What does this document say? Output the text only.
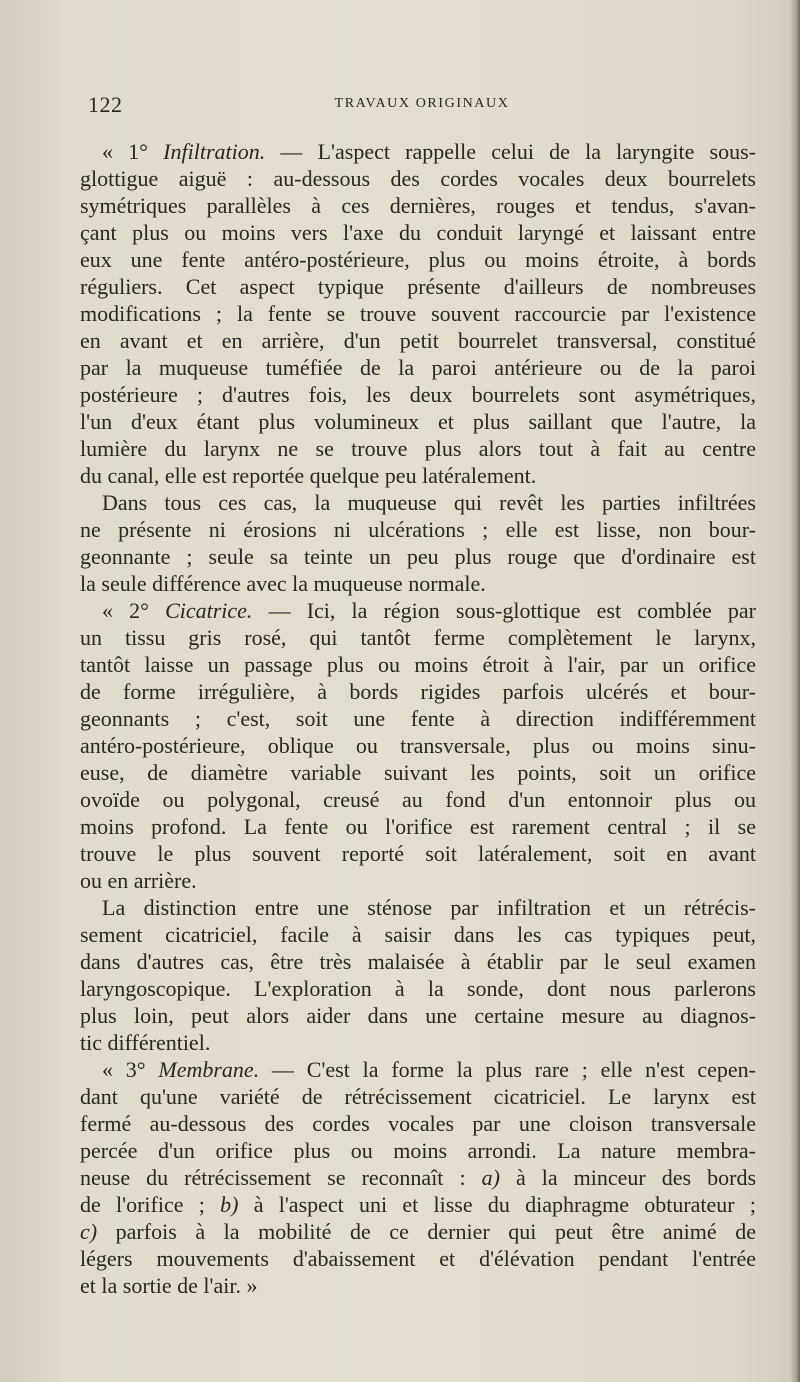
122	TRAVAUX ORIGINAUX
« 1° Infiltration. — L'aspect rappelle celui de la laryngite sous-
glottigue aiguë : au-dessous des cordes vocales deux bourrelets
symétriques parallèles à ces dernières, rouges et tendus, s'avan-
çant plus ou moins vers l'axe du conduit laryngé et laissant entre
eux une fente antéro-postérieure, plus ou moins étroite, à bords
réguliers. Cet aspect typique présente d'ailleurs de nombreuses
modifications ; la fente se trouve souvent raccourcie par l'existence
en avant et en arrière, d'un petit bourrelet transversal, constitué
par la muqueuse tuméfiée de la paroi antérieure ou de la paroi
postérieure ; d'autres fois, les deux bourrelets sont asymétriques,
l'un d'eux étant plus volumineux et plus saillant que l'autre, la
lumière du larynx ne se trouve plus alors tout à fait au centre
du canal, elle est reportée quelque peu latéralement.
Dans tous ces cas, la muqueuse qui revêt les parties infiltrées
ne présente ni érosions ni ulcérations ; elle est lisse, non bour-
geonnante ; seule sa teinte un peu plus rouge que d'ordinaire est
la seule différence avec la muqueuse normale.
« 2° Cicatrice. — Ici, la région sous-glottique est comblée par
un tissu gris rosé, qui tantôt ferme complètement le larynx,
tantôt laisse un passage plus ou moins étroit à l'air, par un orifice
de forme irrégulière, à bords rigides parfois ulcérés et bour-
geonnants ; c'est, soit une fente à direction indifféremment
antéro-postérieure, oblique ou transversale, plus ou moins sinu-
euse, de diamètre variable suivant les points, soit un orifice
ovoïde ou polygonal, creusé au fond d'un entonnoir plus ou
moins profond. La fente ou l'orifice est rarement central ; il se
trouve le plus souvent reporté soit latéralement, soit en avant
ou en arrière.
La distinction entre une sténose par infiltration et un rétrécis-
sement cicatriciel, facile à saisir dans les cas typiques peut,
dans d'autres cas, être très malaisée à établir par le seul examen
laryngoscopique. L'exploration à la sonde, dont nous parlerons
plus loin, peut alors aider dans une certaine mesure au diagnos-
tic différentiel.
« 3° Membrane. — C'est la forme la plus rare ; elle n'est cepen-
dant qu'une variété de rétrécissement cicatriciel. Le larynx est
fermé au-dessous des cordes vocales par une cloison transversale
percée d'un orifice plus ou moins arrondi. La nature membra-
neuse du rétrécissement se reconnaît : a) à la minceur des bords
de l'orifice ; b) à l'aspect uni et lisse du diaphragme obturateur ;
c) parfois à la mobilité de ce dernier qui peut être animé de
légers mouvements d'abaissement et d'élévation pendant l'entrée
et la sortie de l'air. »
